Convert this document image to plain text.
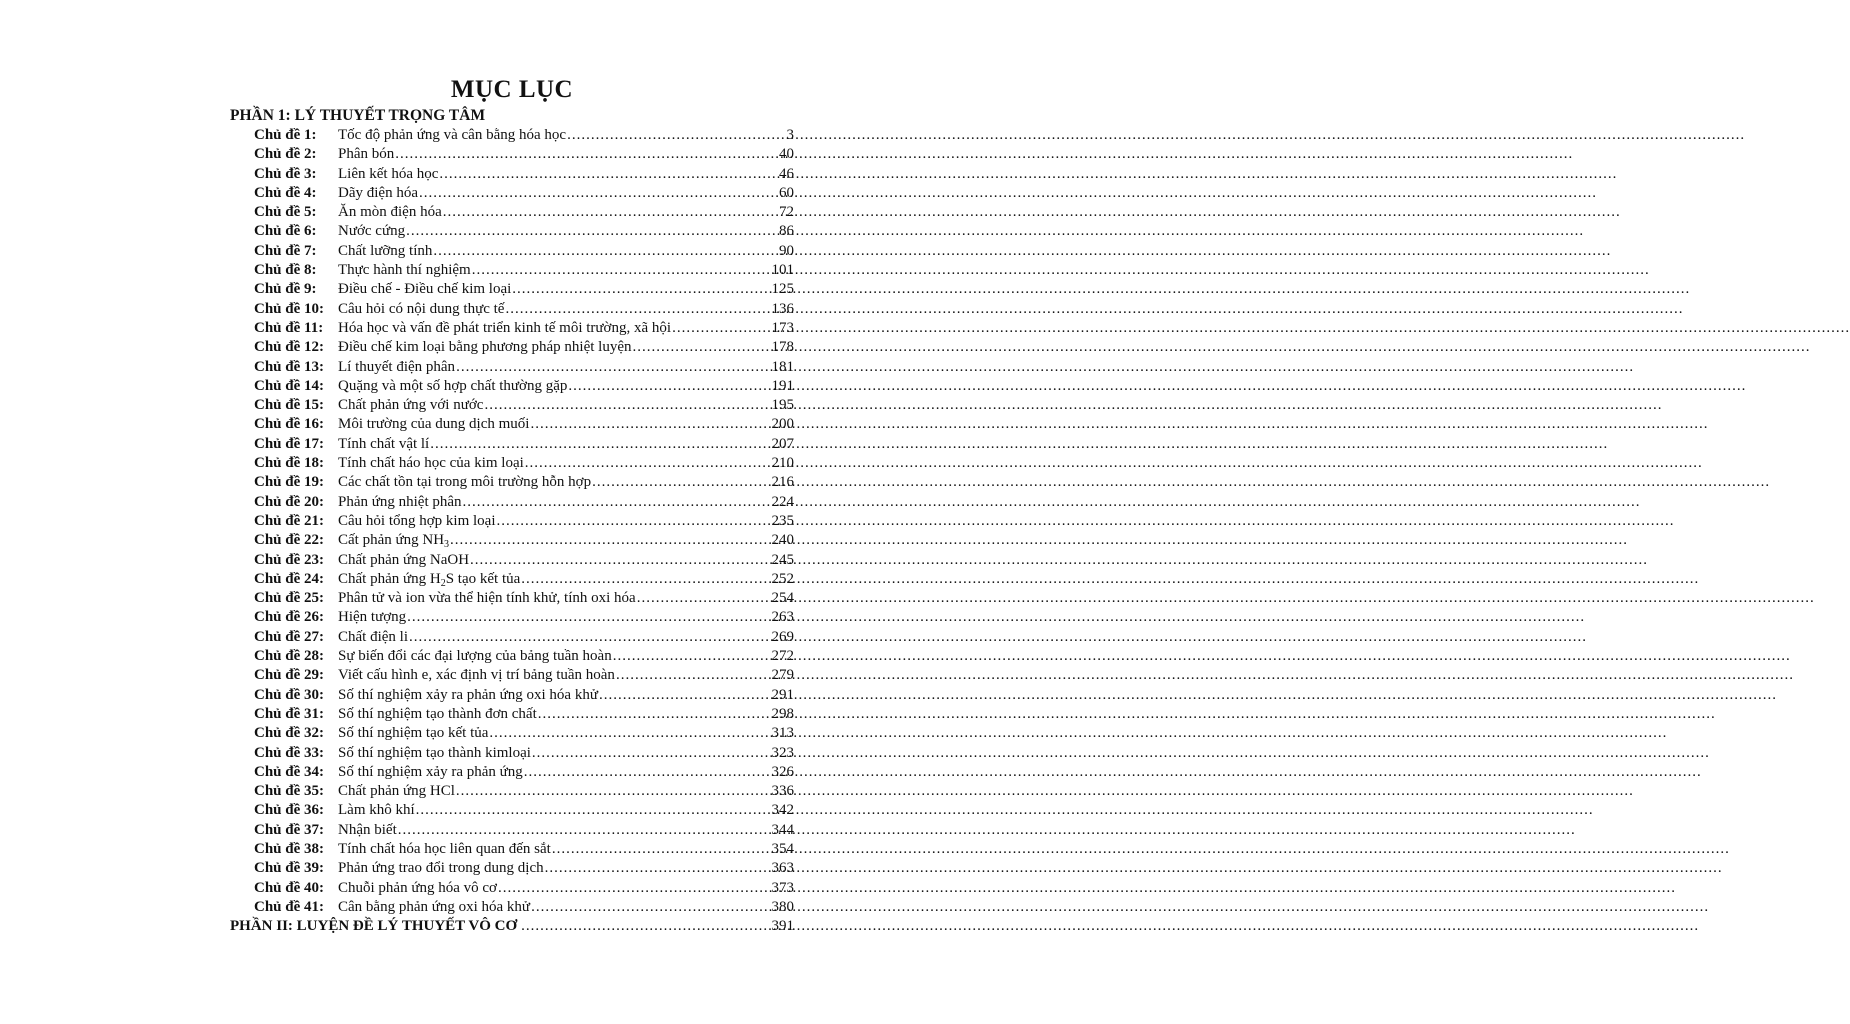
MỤC LỤC
PHẦN 1: LÝ THUYẾT TRỌNG TÂM
Chủ đề 1:	Tốc độ phản ứng và cân bằng hóa học .....	3
Chủ đề 2:	Phân bón .....	40
Chủ đề 3:	Liên kết hóa học .....	46
Chủ đề 4:	Dãy điện hóa .....	60
Chủ đề 5:	Ăn mòn điện hóa .....	72
Chủ đề 6:	Nước cứng .....	86
Chủ đề 7:	Chất lưỡng tính .....	90
Chủ đề 8:	Thực hành thí nghiệm .....	101
Chủ đề 9:	Điều chế - Điều chế kim loại .....	125
Chủ đề 10: Câu hỏi có nội dung thực tế .....	136
Chủ đề 11: Hóa học và vấn đề phát triển kinh tế môi trường, xã hội .....	173
Chủ đề 12: Điều chế kim loại bằng phương pháp nhiệt luyện .....	178
Chủ đề 13: Lí thuyết điện phân .....	181
Chủ đề 14: Quặng và một số hợp chất thường gặp .....	191
Chủ đề 15: Chất phản ứng với nước .....	195
Chủ đề 16: Môi trường của dung dịch muối .....	200
Chủ đề 17: Tính chất vật lí .....	207
Chủ đề 18: Tính chất háo học của kim loại .....	210
Chủ đề 19: Các chất tồn tại trong môi trường hỗn hợp .....	216
Chủ đề 20: Phản ứng nhiệt phân .....	224
Chủ đề 21: Câu hỏi tổng hợp kim loại .....	235
Chủ đề 22: Cất phản ứng $NH_3$ .....	240
Chủ đề 23: Chất phản ứng NaOH .....	245
Chủ đề 24: Chất phản ứng $H_2S$ tạo kết tủa .....	252
Chủ đề 25: Phân tử và ion vừa thể hiện tính khử, tính oxi hóa .....	254
Chủ đề 26: Hiện tượng .....	263
Chủ đề 27: Chất điện li .....	269
Chủ đề 28: Sự biến đổi các đại lượng của bảng tuần hoàn .....	272
Chủ đề 29: Viết cấu hình e, xác định vị trí bảng tuần hoàn .....	279
Chủ đề 30: Số thí nghiệm xảy ra phản ứng oxi hóa khử .....	291
Chủ đề 31: Số thí nghiệm tạo thành đơn chất .....	298
Chủ đề 32: Số thí nghiệm tạo kết tủa .....	313
Chủ đề 33: Số thí nghiệm tạo thành kimloại .....	323
Chủ đề 34: Số thí nghiệm xảy ra phản ứng .....	326
Chủ đề 35: Chất phản ứng HCl .....	336
Chủ đề 36: Làm khô khí .....	342
Chủ đề 37: Nhận biết .....	344
Chủ đề 38: Tính chất hóa học liên quan đến sắt .....	354
Chủ đề 39: Phản ứng trao đổi trong dung dịch .....	363
Chủ đề 40: Chuỗi phản ứng hóa vô cơ .....	373
Chủ đề 41: Cân bằng phản ứng oxi hóa khử .....	380
PHẦN II: LUYỆN ĐỀ LÝ THUYẾT VÔ CƠ .....	391
